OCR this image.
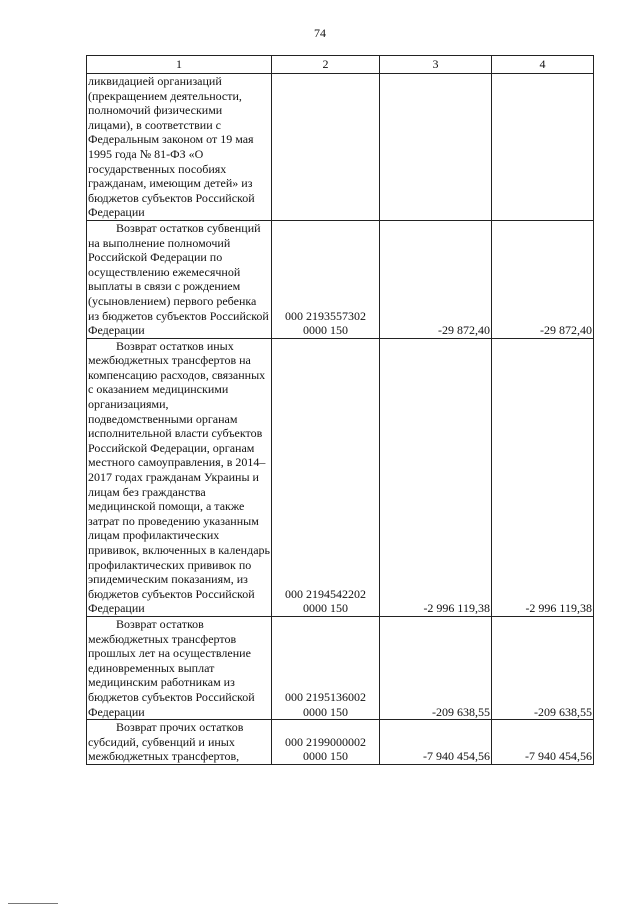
74
1	2	3	4
ликвидацией организаций (прекращением деятельности, полномочий физическими лицами), в соответствии с Федеральным законом от 19 мая 1995 года № 81-ФЗ «О государственных пособиях гражданам, имеющим детей» из бюджетов субъектов Российской Федерации			
Возврат остатков субвенций на выполнение полномочий Российской Федерации по осуществлению ежемесячной выплаты в связи с рождением (усыновлением) первого ребенка из бюджетов субъектов Российской Федерации	000 2193557302 0000 150	-29 872,40	-29 872,40
Возврат остатков иных межбюджетных трансфертов на компенсацию расходов, связанных с оказанием медицинскими организациями, подведомственными органам исполнительной власти субъектов Российской Федерации, органам местного самоуправления, в 2014–2017 годах гражданам Украины и лицам без гражданства медицинской помощи, а также затрат по проведению указанным лицам профилактических прививок, включенных в календарь профилактических прививок по эпидемическим показаниям, из бюджетов субъектов Российской Федерации	000 2194542202 0000 150	-2 996 119,38	-2 996 119,38
Возврат остатков межбюджетных трансфертов прошлых лет на осуществление единовременных выплат медицинским работникам из бюджетов субъектов Российской Федерации	000 2195136002 0000 150	-209 638,55	-209 638,55
Возврат прочих остатков субсидий, субвенций и иных межбюджетных трансфертов,	000 2199000002 0000 150	-7 940 454,56	-7 940 454,56
